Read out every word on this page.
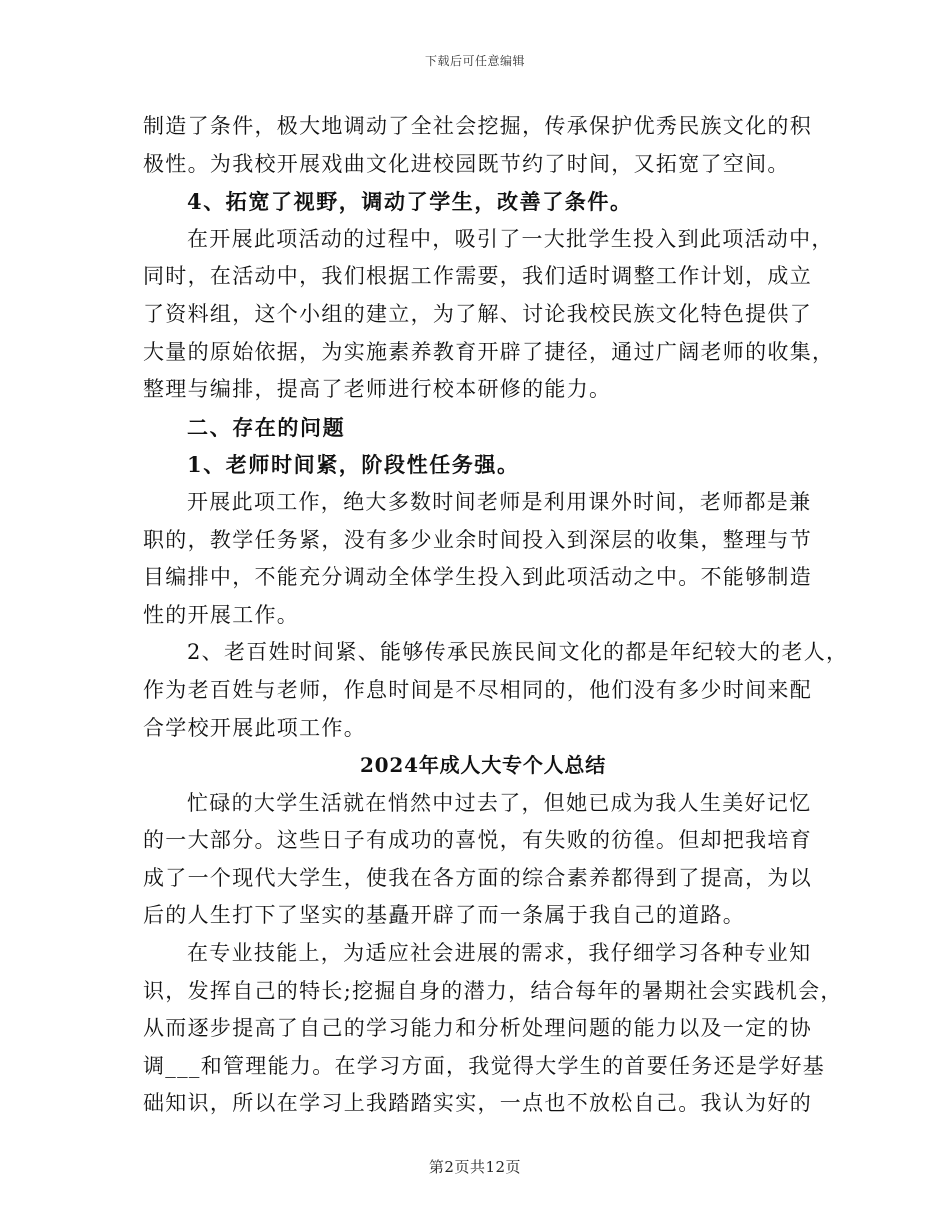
下载后可任意编辑
制造了条件，极大地调动了全社会挖掘，传承保护优秀民族文化的积
极性。为我校开展戏曲文化进校园既节约了时间，又拓宽了空间。
4、拓宽了视野，调动了学生，改善了条件。
在开展此项活动的过程中，吸引了一大批学生投入到此项活动中，
同时，在活动中，我们根据工作需要，我们适时调整工作计划，成立
了资料组，这个小组的建立，为了解、讨论我校民族文化特色提供了
大量的原始依据，为实施素养教育开辟了捷径，通过广阔老师的收集，
整理与编排，提高了老师进行校本研修的能力。
二、存在的问题
1、老师时间紧，阶段性任务强。
开展此项工作，绝大多数时间老师是利用课外时间，老师都是兼
职的，教学任务紧，没有多少业余时间投入到深层的收集，整理与节
目编排中，不能充分调动全体学生投入到此项活动之中。不能够制造
性的开展工作。
2、老百姓时间紧、能够传承民族民间文化的都是年纪较大的老人，
作为老百姓与老师，作息时间是不尽相同的，他们没有多少时间来配
合学校开展此项工作。
2024年成人大专个人总结
忙碌的大学生活就在悄然中过去了，但她已成为我人生美好记忆
的一大部分。这些日子有成功的喜悦，有失败的彷徨。但却把我培育
成了一个现代大学生，使我在各方面的综合素养都得到了提高，为以
后的人生打下了坚实的基矗开辟了而一条属于我自己的道路。
在专业技能上，为适应社会进展的需求，我仔细学习各种专业知
识，发挥自己的特长;挖掘自身的潜力，结合每年的暑期社会实践机会，
从而逐步提高了自己的学习能力和分析处理问题的能力以及一定的协
调___和管理能力。在学习方面，我觉得大学生的首要任务还是学好基
础知识，所以在学习上我踏踏实实，一点也不放松自己。我认为好的
第2页共12页
